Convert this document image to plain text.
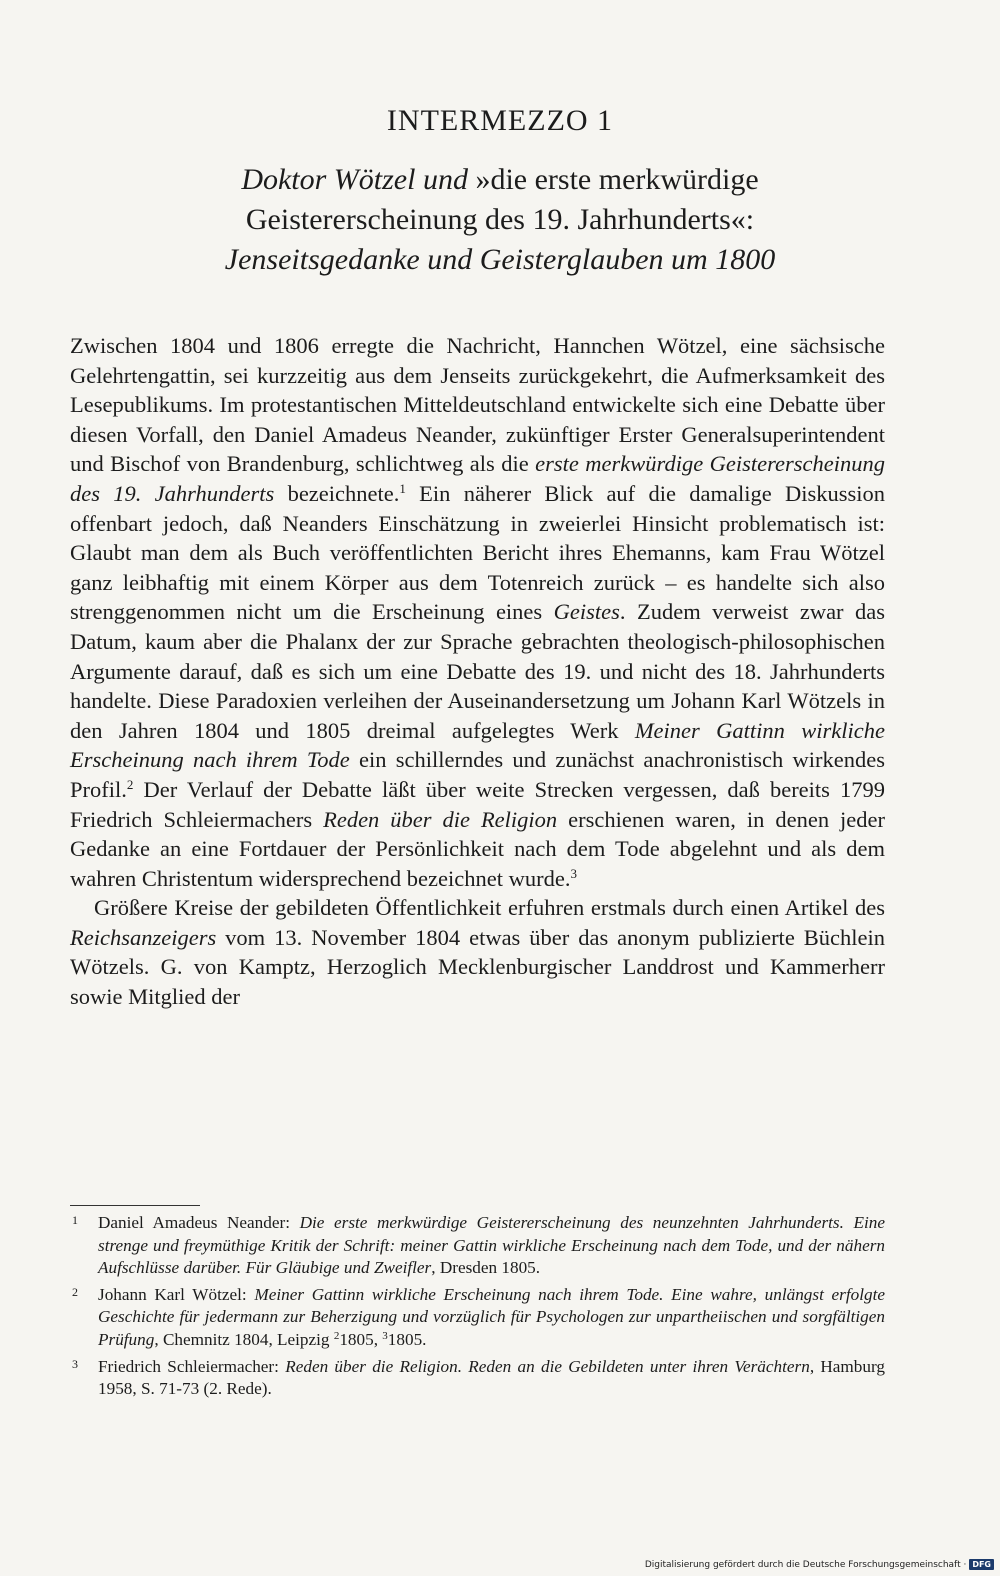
INTERMEZZO 1
Doktor Wötzel und »die erste merkwürdige
Geistererscheinung des 19. Jahrhunderts«:
Jenseitsgedanke und Geisterglauben um 1800

Zwischen 1804 und 1806 erregte die Nachricht, Hannchen Wötzel, eine sächsische Gelehrtengattin, sei kurzzeitig aus dem Jenseits zurückgekehrt, die Aufmerksamkeit des Lesepublikums. Im protestantischen Mitteldeutschland entwickelte sich eine Debatte über diesen Vorfall, den Daniel Amadeus Neander, zukünftiger Erster Generalsuperintendent und Bischof von Brandenburg, schlichtweg als die erste merkwürdige Geistererscheinung des 19. Jahrhunderts bezeichnete.$^1$ Ein näherer Blick auf die damalige Diskussion offenbart jedoch, daß Neanders Einschätzung in zweierlei Hinsicht problematisch ist: Glaubt man dem als Buch veröffentlichten Bericht ihres Ehemanns, kam Frau Wötzel ganz leibhaftig mit einem Körper aus dem Totenreich zurück – es handelte sich also strenggenommen nicht um die Erscheinung eines Geistes. Zudem verweist zwar das Datum, kaum aber die Phalanx der zur Sprache gebrachten theologisch-philosophischen Argumente darauf, daß es sich um eine Debatte des 19. und nicht des 18. Jahrhunderts handelte. Diese Paradoxien verleihen der Auseinandersetzung um Johann Karl Wötzels in den Jahren 1804 und 1805 dreimal aufgelegtes Werk Meiner Gattinn wirkliche Erscheinung nach ihrem Tode ein schillerndes und zunächst anachronistisch wirkendes Profil.$^2$ Der Verlauf der Debatte läßt über weite Strecken vergessen, daß bereits 1799 Friedrich Schleiermachers Reden über die Religion erschienen waren, in denen jeder Gedanke an eine Fortdauer der Persönlichkeit nach dem Tode abgelehnt und als dem wahren Christentum widersprechend bezeichnet wurde.$^3$

Größere Kreise der gebildeten Öffentlichkeit erfuhren erstmals durch einen Artikel des Reichsanzeigers vom 13. November 1804 etwas über das anonym publizierte Büchlein Wötzels. G. von Kamptz, Herzoglich Mecklenburgischer Landdrost und Kammerherr sowie Mitglied der

1 Daniel Amadeus Neander: Die erste merkwürdige Geistererscheinung des neunzehnten Jahrhunderts. Eine strenge und freymüthige Kritik der Schrift: meiner Gattin wirkliche Erscheinung nach dem Tode, und der nähern Aufschlüsse darüber. Für Gläubige und Zweifler, Dresden 1805.

2 Johann Karl Wötzel: Meiner Gattinn wirkliche Erscheinung nach ihrem Tode. Eine wahre, unlängst erfolgte Geschichte für jedermann zur Beherzigung und vorzüglich für Psychologen zur unpartheiischen und sorgfältigen Prüfung, Chemnitz 1804, Leipzig $^2$1805, $^3$1805.

3 Friedrich Schleiermacher: Reden über die Religion. Reden an die Gebildeten unter ihren Verächtern, Hamburg 1958, S. 71-73 (2. Rede).

Digitalisierung gefördert durch die Deutsche Forschungsgemeinschaft · DFG
